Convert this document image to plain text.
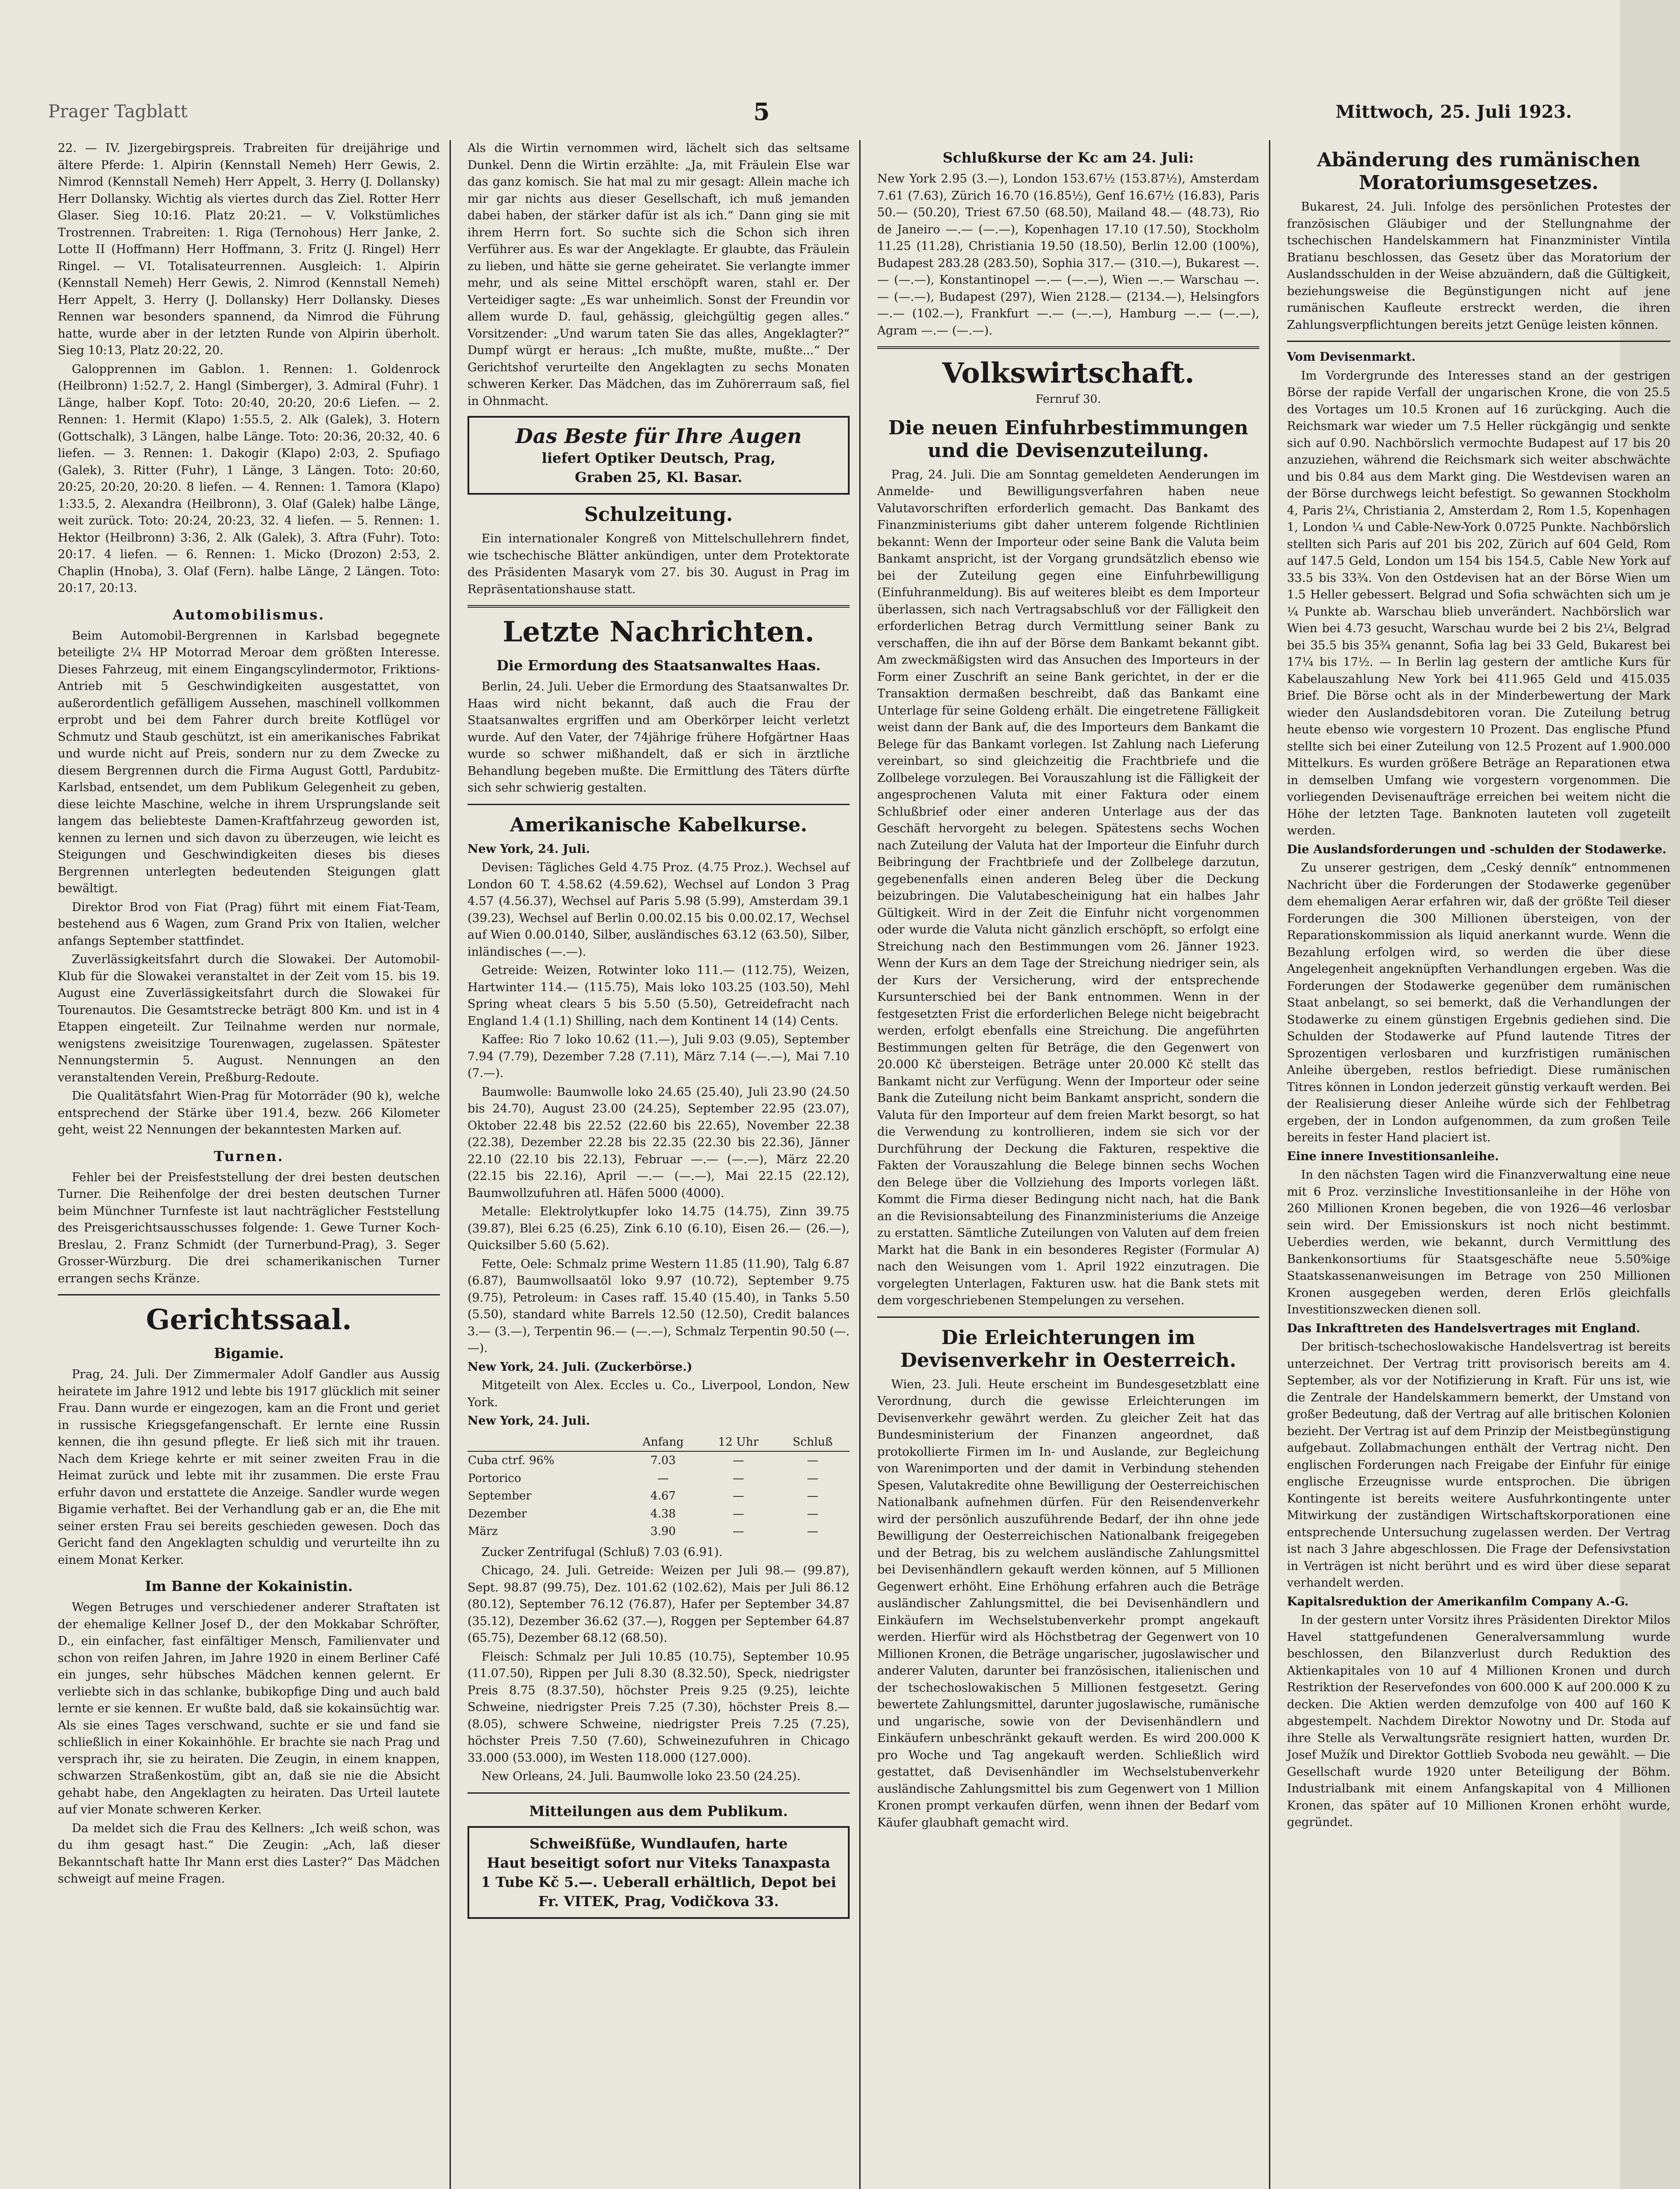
Prager Tagblatt	5	Mittwoch, 25. Juli 1923.

22. — IV. Jizergebirgspreis. Trabreiten für dreijährige und ältere Pferde: 1. Alpirin (Kennstall Nemeh) Herr Gewis, 2. Nimrod (Kennstall Nemeh) Herr Appelt, 3. Herry (J. Dollansky) Herr Dollansky. Wichtig als viertes durch das Ziel. Rotter Herr Glaser. Sieg 10:16. Platz 20:21. — V. Volkstümliches Trostrennen. Trabreiten: 1. Riga (Ternohous) Herr Janke, 2. Lotte II (Hoffmann) Herr Hoffmann, 3. Fritz (J. Ringel) Herr Ringel. — VI. Totalisateurrennen. Ausgleich: 1. Alpirin (Kennstall Nemeh) Herr Gewis, 2. Nimrod (Kennstall Nemeh) Herr Appelt, 3. Herry (J. Dollansky) Herr Dollansky. Dieses Rennen war besonders spannend, da Nimrod die Führung hatte, wurde aber in der letzten Runde von Alpirin überholt. Sieg 10:13, Platz 20:22, 20.

Galopprennen im Gablon. 1. Rennen: 1. Goldenrock (Heilbronn) 1:52.7, 2. Hangl (Simberger), 3. Admiral (Fuhr). 1 Länge, halber Kopf. Toto: 20:40, 20:20, 20:6 Liefen. — 2. Rennen: 1. Hermit (Klapo) 1:55.5, 2. Alk (Galek), 3. Hotern (Gottschalk), 3 Längen, halbe Länge. Toto: 20:36, 20:32, 40. 6 liefen. — 3. Rennen: 1. Dakogir (Klapo) 2:03, 2. Spufiago (Galek), 3. Ritter (Fuhr), 1 Länge, 3 Längen. Toto: 20:60, 20:25, 20:20, 20:20. 8 liefen. — 4. Rennen: 1. Tamora (Klapo) 1:33.5, 2. Alexandra (Heilbronn), 3. Olaf (Galek) halbe Länge, weit zurück. Toto: 20:24, 20:23, 32. 4 liefen. — 5. Rennen: 1. Hektor (Heilbronn) 3:36, 2. Alk (Galek), 3. Aftra (Fuhr). Toto: 20:17. 4 liefen. — 6. Rennen: 1. Micko (Drozon) 2:53, 2. Chaplin (Hnoba), 3. Olaf (Fern). halbe Länge, 2 Längen. Toto: 20:17, 20:13.

Automobilismus.

Beim Automobil-Bergrennen in Karlsbad begegnete beteiligte 2¼ HP Motorrad Meroar dem größten Interesse. Dieses Fahrzeug, mit einem Eingangscylindermotor, Friktions-Antrieb mit 5 Geschwindigkeiten ausgestattet, von außerordentlich gefälligem Aussehen, maschinell vollkommen erprobt und bei dem Fahrer durch breite Kotflügel vor Schmutz und Staub geschützt, ist ein amerikanisches Fabrikat und wurde nicht auf Preis, sondern nur zu dem Zwecke zu diesem Bergrennen durch die Firma August Gottl, Pardubitz-Karlsbad, entsendet, um dem Publikum Gelegenheit zu geben, diese leichte Maschine, welche in ihrem Ursprungslande seit langem das beliebteste Damen-Kraftfahrzeug geworden ist, kennen zu lernen und sich davon zu überzeugen, wie leicht es Steigungen und Geschwindigkeiten dieses bis dieses Bergrennen unterlegten bedeutenden Steigungen glatt bewältigt.

Direktor Brod von Fiat (Prag) führt mit einem Fiat-Team, bestehend aus 6 Wagen, zum Grand Prix von Italien, welcher anfangs September stattfindet.

Zuverlässigkeitsfahrt durch die Slowakei. Der Automobil-Klub für die Slowakei veranstaltet in der Zeit vom 15. bis 19. August eine Zuverlässigkeitsfahrt durch die Slowakei für Tourenautos. Die Gesamtstrecke beträgt 800 Km. und ist in 4 Etappen eingeteilt. Zur Teilnahme werden nur normale, wenigstens zweisitzige Tourenwagen, zugelassen. Spätester Nennungstermin 5. August. Nennungen an den veranstaltenden Verein, Preßburg-Redoute.

Die Qualitätsfahrt Wien-Prag für Motorräder (90 k), welche entsprechend der Stärke über 191.4, bezw. 266 Kilometer geht, weist 22 Nennungen der bekanntesten Marken auf.

Turnen.

Fehler bei der Preisfeststellung der drei besten deutschen Turner. Die Reihenfolge der drei besten deutschen Turner beim Münchner Turnfeste ist laut nachträglicher Feststellung des Preisgerichtsausschusses folgende: 1. Gewe Turner Koch-Breslau, 2. Franz Schmidt (der Turnerbund-Prag), 3. Seger Grosser-Würzburg. Die drei schamerikanischen Turner errangen sechs Kränze.

Gerichtssaal.
Bigamie.

Prag, 24. Juli. Der Zimmermaler Adolf Gandler aus Aussig heiratete im Jahre 1912 und lebte bis 1917 glücklich mit seiner Frau. Dann wurde er eingezogen, kam an die Front und geriet in russische Kriegsgefangenschaft. Er lernte eine Russin kennen, die ihn gesund pflegte. Er ließ sich mit ihr trauen. Nach dem Kriege kehrte er mit seiner zweiten Frau in die Heimat zurück und lebte mit ihr zusammen. Die erste Frau erfuhr davon und erstattete die Anzeige. Sandler wurde wegen Bigamie verhaftet. Bei der Verhandlung gab er an, die Ehe mit seiner ersten Frau sei bereits geschieden gewesen. Doch das Gericht fand den Angeklagten schuldig und verurteilte ihn zu einem Monat Kerker.

Im Banne der Kokainistin.

Wegen Betruges und verschiedener anderer Straftaten ist der ehemalige Kellner Josef D., der den Mokkabar Schröfter, D., ein einfacher, fast einfältiger Mensch, Familienvater und schon von reifen Jahren, im Jahre 1920 in einem Berliner Café ein junges, sehr hübsches Mädchen kennen gelernt. Er verliebte sich in das schlanke, bubikopfige Ding und auch bald lernte er sie kennen. Er wußte bald, daß sie kokainsüchtig war. Als sie eines Tages verschwand, suchte er sie und fand sie schließlich in einer Kokainhöhle. Er brachte sie nach Prag und versprach ihr, sie zu heiraten. Die Zeugin, in einem knappen, schwarzen Straßenkostüm, gibt an, daß sie nie die Absicht gehabt habe, den Angeklagten zu heiraten. Das Urteil lautete auf vier Monate schweren Kerker.

Da meldet sich die Frau des Kellners: „Ich weiß schon, was du ihm gesagt hast.“ Die Zeugin: „Ach, laß dieser Bekanntschaft hatte Ihr Mann erst dies Laster?“ Das Mädchen schweigt auf meine Fragen.

Als die Wirtin vernommen wird, lächelt sich das seltsame Dunkel. Denn die Wirtin erzählte: „Ja, mit Fräulein Else war das ganz komisch. Sie hat mal zu mir gesagt: Allein mache ich mir gar nichts aus dieser Gesellschaft, ich muß jemanden dabei haben, der stärker dafür ist als ich.“ Dann ging sie mit ihrem Herrn fort. So suchte sich die Schon sich ihren Verführer aus. Es war der Angeklagte. Er glaubte, das Fräulein zu lieben, und hätte sie gerne geheiratet. Sie verlangte immer mehr, und als seine Mittel erschöpft waren, stahl er. Der Verteidiger sagte: „Es war unheimlich. Sonst der Freundin vor allem wurde D. faul, gehässig, gleichgültig gegen alles.“ Vorsitzender: „Und warum taten Sie das alles, Angeklagter?“ Dumpf würgt er heraus: „Ich mußte, mußte, mußte...“ Der Gerichtshof verurteilte den Angeklagten zu sechs Monaten schweren Kerker. Das Mädchen, das im Zuhörerraum saß, fiel in Ohnmacht.

Das Beste für Ihre Augen
liefert Optiker Deutsch, Prag,
Graben 25, Kl. Basar.
Schulzeitung.

Ein internationaler Kongreß von Mittelschullehrern findet, wie tschechische Blätter ankündigen, unter dem Protektorate des Präsidenten Masaryk vom 27. bis 30. August in Prag im Repräsentationshause statt.

Letzte Nachrichten.
Die Ermordung des Staatsanwaltes Haas.

Berlin, 24. Juli. Ueber die Ermordung des Staatsanwaltes Dr. Haas wird nicht bekannt, daß auch die Frau der Staatsanwaltes ergriffen und am Oberkörper leicht verletzt wurde. Auf den Vater, der 74jährige frühere Hofgärtner Haas wurde so schwer mißhandelt, daß er sich in ärztliche Behandlung begeben mußte. Die Ermittlung des Täters dürfte sich sehr schwierig gestalten.

Amerikanische Kabelkurse.

New York, 24. Juli.

Devisen: Tägliches Geld 4.75 Proz. (4.75 Proz.). Wechsel auf London 60 T. 4.58.62 (4.59.62), Wechsel auf London 3 Prag 4.57 (4.56.37), Wechsel auf Paris 5.98 (5.99), Amsterdam 39.1 (39.23), Wechsel auf Berlin 0.00.02.15 bis 0.00.02.17, Wechsel auf Wien 0.00.0140, Silber, ausländisches 63.12 (63.50), Silber, inländisches (—.—).

Getreide: Weizen, Rotwinter loko 111.— (112.75), Weizen, Hartwinter 114.— (115.75), Mais loko 103.25 (103.50), Mehl Spring wheat clears 5 bis 5.50 (5.50), Getreidefracht nach England 1.4 (1.1) Shilling, nach dem Kontinent 14 (14) Cents.

Kaffee: Rio 7 loko 10.62 (11.—), Juli 9.03 (9.05), September 7.94 (7.79), Dezember 7.28 (7.11), März 7.14 (—.—), Mai 7.10 (7.—).

Baumwolle: Baumwolle loko 24.65 (25.40), Juli 23.90 (24.50 bis 24.70), August 23.00 (24.25), September 22.95 (23.07), Oktober 22.48 bis 22.52 (22.60 bis 22.65), November 22.38 (22.38), Dezember 22.28 bis 22.35 (22.30 bis 22.36), Jänner 22.10 (22.10 bis 22.13), Februar —.— (—.—), März 22.20 (22.15 bis 22.16), April —.— (—.—), Mai 22.15 (22.12), Baumwollzufuhren atl. Häfen 5000 (4000).

Metalle: Elektrolytkupfer loko 14.75 (14.75), Zinn 39.75 (39.87), Blei 6.25 (6.25), Zink 6.10 (6.10), Eisen 26.— (26.—), Quicksilber 5.60 (5.62).

Fette, Oele: Schmalz prime Western 11.85 (11.90), Talg 6.87 (6.87), Baumwollsaatöl loko 9.97 (10.72), September 9.75 (9.75), Petroleum: in Cases raff. 15.40 (15.40), in Tanks 5.50 (5.50), standard white Barrels 12.50 (12.50), Credit balances 3.— (3.—), Terpentin 96.— (—.—), Schmalz Terpentin 90.50 (—.—).

New York, 24. Juli. (Zuckerbörse.)

Mitgeteilt von Alex. Eccles u. Co., Liverpool, London, New York.

New York, 24. Juli.

	Anfang	12 Uhr	Schluß
Cuba ctrf. 96%	7.03	—	—
Portorico	—	—	—
September	4.67	—	—
Dezember	4.38	—	—
März	3.90	—	—

Zucker Zentrifugal (Schluß) 7.03 (6.91).

Chicago, 24. Juli. Getreide: Weizen per Juli 98.— (99.87), Sept. 98.87 (99.75), Dez. 101.62 (102.62), Mais per Juli 86.12 (80.12), September 76.12 (76.87), Hafer per September 34.87 (35.12), Dezember 36.62 (37.—), Roggen per September 64.87 (65.75), Dezember 68.12 (68.50).

Fleisch: Schmalz per Juli 10.85 (10.75), September 10.95 (11.07.50), Rippen per Juli 8.30 (8.32.50), Speck, niedrigster Preis 8.75 (8.37.50), höchster Preis 9.25 (9.25), leichte Schweine, niedrigster Preis 7.25 (7.30), höchster Preis 8.— (8.05), schwere Schweine, niedrigster Preis 7.25 (7.25), höchster Preis 7.50 (7.60), Schweinezufuhren in Chicago 33.000 (53.000), im Westen 118.000 (127.000).

New Orleans, 24. Juli. Baumwolle loko 23.50 (24.25).

Mitteilungen aus dem Publikum.
Schweißfüße, Wundlaufen, harte
Haut beseitigt sofort nur Viteks Tanaxpasta
1 Tube Kč 5.—. Ueberall erhältlich, Depot bei
Fr. VITEK, Prag, Vodičkova 33.
Schlußkurse der Kc am 24. Juli:

New York 2.95 (3.—), London 153.67½ (153.87½), Amsterdam 7.61 (7.63), Zürich 16.70 (16.85½), Genf 16.67½ (16.83), Paris 50.— (50.20), Triest 67.50 (68.50), Mailand 48.— (48.73), Rio de Janeiro —.— (—.—), Kopenhagen 17.10 (17.50), Stockholm 11.25 (11.28), Christiania 19.50 (18.50), Berlin 12.00 (100%), Budapest 283.28 (283.50), Sophia 317.— (310.—), Bukarest —.— (—.—), Konstantinopel —.— (—.—), Wien —.— Warschau —.— (—.—), Budapest (297), Wien 2128.— (2134.—), Helsingfors —.— (102.—), Frankfurt —.— (—.—), Hamburg —.— (—.—), Agram —.— (—.—).

Volkswirtschaft.
Fernruf 30.
Die neuen Einfuhrbestimmungen und die Devisenzuteilung.

Prag, 24. Juli. Die am Sonntag gemeldeten Aenderungen im Anmelde- und Bewilligungsverfahren haben neue Valutavorschriften erforderlich gemacht. Das Bankamt des Finanzministeriums gibt daher unterem folgende Richtlinien bekannt: Wenn der Importeur oder seine Bank die Valuta beim Bankamt anspricht, ist der Vorgang grundsätzlich ebenso wie bei der Zuteilung gegen eine Einfuhrbewilligung (Einfuhranmeldung). Bis auf weiteres bleibt es dem Importeur überlassen, sich nach Vertragsabschluß vor der Fälligkeit den erforderlichen Betrag durch Vermittlung seiner Bank zu verschaffen, die ihn auf der Börse dem Bankamt bekannt gibt. Am zweckmäßigsten wird das Ansuchen des Importeurs in der Form einer Zuschrift an seine Bank gerichtet, in der er die Transaktion dermaßen beschreibt, daß das Bankamt eine Unterlage für seine Goldeng erhält. Die eingetretene Fälligkeit weist dann der Bank auf, die des Importeurs dem Bankamt die Belege für das Bankamt vorlegen. Ist Zahlung nach Lieferung vereinbart, so sind gleichzeitig die Frachtbriefe und die Zollbelege vorzulegen. Bei Vorauszahlung ist die Fälligkeit der angesprochenen Valuta mit einer Faktura oder einem Schlußbrief oder einer anderen Unterlage aus der das Geschäft hervorgeht zu belegen. Spätestens sechs Wochen nach Zuteilung der Valuta hat der Importeur die Einfuhr durch Beibringung der Frachtbriefe und der Zollbelege darzutun, gegebenenfalls einen anderen Beleg über die Deckung beizubringen. Die Valutabescheinigung hat ein halbes Jahr Gültigkeit. Wird in der Zeit die Einfuhr nicht vorgenommen oder wurde die Valuta nicht gänzlich erschöpft, so erfolgt eine Streichung nach den Bestimmungen vom 26. Jänner 1923. Wenn der Kurs an dem Tage der Streichung niedriger sein, als der Kurs der Versicherung, wird der entsprechende Kursunterschied bei der Bank entnommen. Wenn in der festgesetzten Frist die erforderlichen Belege nicht beigebracht werden, erfolgt ebenfalls eine Streichung. Die angeführten Bestimmungen gelten für Beträge, die den Gegenwert von 20.000 Kč übersteigen. Beträge unter 20.000 Kč stellt das Bankamt nicht zur Verfügung. Wenn der Importeur oder seine Bank die Zuteilung nicht beim Bankamt anspricht, sondern die Valuta für den Importeur auf dem freien Markt besorgt, so hat die Verwendung zu kontrollieren, indem sie sich vor der Durchführung der Deckung die Fakturen, respektive die Fakten der Vorauszahlung die Belege binnen sechs Wochen den Belege über die Vollziehung des Imports vorlegen läßt. Kommt die Firma dieser Bedingung nicht nach, hat die Bank an die Revisionsabteilung des Finanzministeriums die Anzeige zu erstatten. Sämtliche Zuteilungen von Valuten auf dem freien Markt hat die Bank in ein besonderes Register (Formular A) nach den Weisungen vom 1. April 1922 einzutragen. Die vorgelegten Unterlagen, Fakturen usw. hat die Bank stets mit dem vorgeschriebenen Stempelungen zu versehen.

Die Erleichterungen im Devisenverkehr in Oesterreich.

Wien, 23. Juli. Heute erscheint im Bundesgesetzblatt eine Verordnung, durch die gewisse Erleichterungen im Devisenverkehr gewährt werden. Zu gleicher Zeit hat das Bundesministerium der Finanzen angeordnet, daß protokollierte Firmen im In- und Auslande, zur Begleichung von Warenimporten und der damit in Verbindung stehenden Spesen, Valutakredite ohne Bewilligung der Oesterreichischen Nationalbank aufnehmen dürfen. Für den Reisendenverkehr wird der persönlich auszuführende Bedarf, der ihn ohne jede Bewilligung der Oesterreichischen Nationalbank freigegeben und der Betrag, bis zu welchem ausländische Zahlungsmittel bei Devisenhändlern gekauft werden können, auf 5 Millionen Gegenwert erhöht. Eine Erhöhung erfahren auch die Beträge ausländischer Zahlungsmittel, die bei Devisenhändlern und Einkäufern im Wechselstubenverkehr prompt angekauft werden. Hierfür wird als Höchstbetrag der Gegenwert von 10 Millionen Kronen, die Beträge ungarischer, jugoslawischer und anderer Valuten, darunter bei französischen, italienischen und der tschechoslowakischen 5 Millionen festgesetzt. Gering bewertete Zahlungsmittel, darunter jugoslawische, rumänische und ungarische, sowie von der Devisenhändlern und Einkäufern unbeschränkt gekauft werden. Es wird 200.000 K pro Woche und Tag angekauft werden. Schließlich wird gestattet, daß Devisenhändler im Wechselstubenverkehr ausländische Zahlungsmittel bis zum Gegenwert von 1 Million Kronen prompt verkaufen dürfen, wenn ihnen der Bedarf vom Käufer glaubhaft gemacht wird.

Abänderung des rumänischen Moratoriumsgesetzes.

Bukarest, 24. Juli. Infolge des persönlichen Protestes der französischen Gläubiger und der Stellungnahme der tschechischen Handelskammern hat Finanzminister Vintila Bratianu beschlossen, das Gesetz über das Moratorium der Auslandsschulden in der Weise abzuändern, daß die Gültigkeit, beziehungsweise die Begünstigungen nicht auf jene rumänischen Kaufleute erstreckt werden, die ihren Zahlungsverpflichtungen bereits jetzt Genüge leisten können.

Vom Devisenmarkt.

Im Vordergrunde des Interesses stand an der gestrigen Börse der rapide Verfall der ungarischen Krone, die von 25.5 des Vortages um 10.5 Kronen auf 16 zurückging. Auch die Reichsmark war wieder um 7.5 Heller rückgängig und senkte sich auf 0.90. Nachbörslich vermochte Budapest auf 17 bis 20 anzuziehen, während die Reichsmark sich weiter abschwächte und bis 0.84 aus dem Markt ging. Die Westdevisen waren an der Börse durchwegs leicht befestigt. So gewannen Stockholm 4, Paris 2¼, Christiania 2, Amsterdam 2, Rom 1.5, Kopenhagen 1, London ¼ und Cable-New-York 0.0725 Punkte. Nachbörslich stellten sich Paris auf 201 bis 202, Zürich auf 604 Geld, Rom auf 147.5 Geld, London um 154 bis 154.5, Cable New York auf 33.5 bis 33¾. Von den Ostdevisen hat an der Börse Wien um 1.5 Heller gebessert. Belgrad und Sofia schwächten sich um je ¼ Punkte ab. Warschau blieb unverändert. Nachbörslich war Wien bei 4.73 gesucht, Warschau wurde bei 2 bis 2¼, Belgrad bei 35.5 bis 35¾ genannt, Sofia lag bei 33 Geld, Bukarest bei 17¼ bis 17½. — In Berlin lag gestern der amtliche Kurs für Kabelauszahlung New York bei 411.965 Geld und 415.035 Brief. Die Börse ocht als in der Minderbewertung der Mark wieder den Auslandsdebitoren voran. Die Zuteilung betrug heute ebenso wie vorgestern 10 Prozent. Das englische Pfund stellte sich bei einer Zuteilung von 12.5 Prozent auf 1.900.000 Mittelkurs. Es wurden größere Beträge an Reparationen etwa in demselben Umfang wie vorgestern vorgenommen. Die vorliegenden Devisenaufträge erreichen bei weitem nicht die Höhe der letzten Tage. Banknoten lauteten voll zugeteilt werden.

Die Auslandsforderungen und -schulden der Stodawerke.

Zu unserer gestrigen, dem „Ceský denník“ entnommenen Nachricht über die Forderungen der Stodawerke gegenüber dem ehemaligen Aerar erfahren wir, daß der größte Teil dieser Forderungen die 300 Millionen übersteigen, von der Reparationskommission als liquid anerkannt wurde. Wenn die Bezahlung erfolgen wird, so werden die über diese Angelegenheit angeknüpften Verhandlungen ergeben. Was die Forderungen der Stodawerke gegenüber dem rumänischen Staat anbelangt, so sei bemerkt, daß die Verhandlungen der Stodawerke zu einem günstigen Ergebnis gediehen sind. Die Schulden der Stodawerke auf Pfund lautende Titres der Sprozentigen verlosbaren und kurzfristigen rumänischen Anleihe übergeben, restlos befriedigt. Diese rumänischen Titres können in London jederzeit günstig verkauft werden. Bei der Realisierung dieser Anleihe würde sich der Fehlbetrag ergeben, der in London aufgenommen, da zum großen Teile bereits in fester Hand placiert ist.

Eine innere Investitionsanleihe.

In den nächsten Tagen wird die Finanzverwaltung eine neue mit 6 Proz. verzinsliche Investitionsanleihe in der Höhe von 260 Millionen Kronen begeben, die von 1926—46 verlosbar sein wird. Der Emissionskurs ist noch nicht bestimmt. Ueberdies werden, wie bekannt, durch Vermittlung des Bankenkonsortiums für Staatsgeschäfte neue 5.50%ige Staatskassenanweisungen im Betrage von 250 Millionen Kronen ausgegeben werden, deren Erlös gleichfalls Investitionszwecken dienen soll.

Das Inkrafttreten des Handelsvertrages mit England.

Der britisch-tschechoslowakische Handelsvertrag ist bereits unterzeichnet. Der Vertrag tritt provisorisch bereits am 4. September, als vor der Notifizierung in Kraft. Für uns ist, wie die Zentrale der Handelskammern bemerkt, der Umstand von großer Bedeutung, daß der Vertrag auf alle britischen Kolonien bezieht. Der Vertrag ist auf dem Prinzip der Meistbegünstigung aufgebaut. Zollabmachungen enthält der Vertrag nicht. Den englischen Forderungen nach Freigabe der Einfuhr für einige englische Erzeugnisse wurde entsprochen. Die übrigen Kontingente ist bereits weitere Ausfuhrkontingente unter Mitwirkung der zuständigen Wirtschaftskorporationen eine entsprechende Untersuchung zugelassen werden. Der Vertrag ist nach 3 Jahre abgeschlossen. Die Frage der Defensivstation in Verträgen ist nicht berührt und es wird über diese separat verhandelt werden.

Kapitalsreduktion der Amerikanfilm Company A.-G.

In der gestern unter Vorsitz ihres Präsidenten Direktor Milos Havel stattgefundenen Generalversammlung wurde beschlossen, den Bilanzverlust durch Reduktion des Aktienkapitales von 10 auf 4 Millionen Kronen und durch Restriktion der Reservefondes von 600.000 K auf 200.000 K zu decken. Die Aktien werden demzufolge von 400 auf 160 K abgestempelt. Nachdem Direktor Nowotny und Dr. Stoda auf ihre Stelle als Verwaltungsräte resigniert hatten, wurden Dr. Josef Mužík und Direktor Gottlieb Svoboda neu gewählt. — Die Gesellschaft wurde 1920 unter Beteiligung der Böhm. Industrialbank mit einem Anfangskapital von 4 Millionen Kronen, das später auf 10 Millionen Kronen erhöht wurde, gegründet.
